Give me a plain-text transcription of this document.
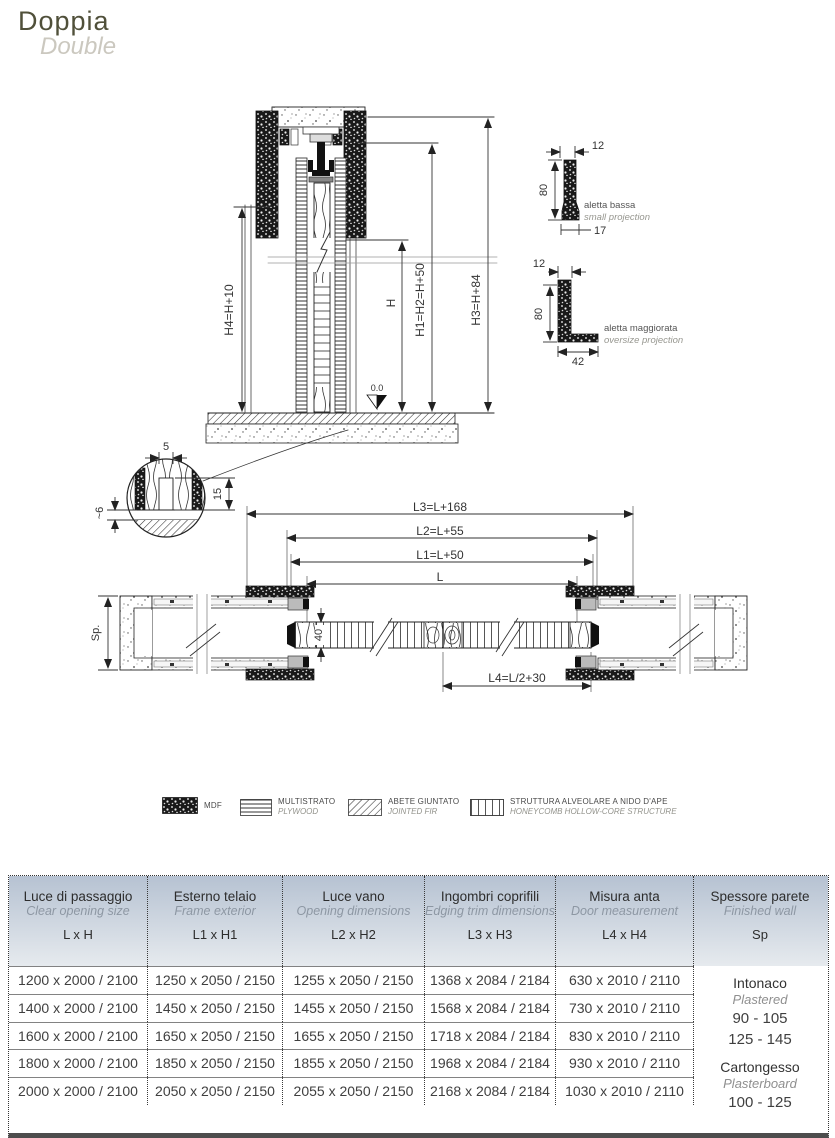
Doppia
Double
0.0
H4=H+10	H H1=H2=H+50	H3=H+84
5
15
~6
12
80
17
aletta bassa
small projection
12
80
42
aletta maggiorata
oversize projection
L3=L+168
L2=L+55
L1=L+50
L
L4=L/2+30
40
Sp.
MDF	MULTISTRATO
PLYWOOD
ABETE GIUNTATO
JOINTED FIR
STRUTTURA ALVEOLARE A NIDO D'APE
HONEYCOMB HOLLOW-CORE STRUCTURE
Luce di passaggio
Clear opening size
L x H
Esterno telaio
Frame exterior
L1 x H1
Luce vano
Opening dimensions
L2 x H2
Ingombri coprifili
Edging trim dimensions
L3 x H3
Misura anta
Door measurement
L4 x H4
Spessore parete
Finished wall
Sp
1200 x 2000 / 2100	1250 x 2050 / 2150	1255 x 2050 / 2150	1368 x 2084 / 2184	630 x 2010 / 2110	Intonaco
Plastered
90 - 105
125 - 145
Cartongesso
Plasterboard
100 - 125
1400 x 2000 / 2100	1450 x 2050 / 2150	1455 x 2050 / 2150	1568 x 2084 / 2184	730 x 2010 / 2110
1600 x 2000 / 2100	1650 x 2050 / 2150	1655 x 2050 / 2150	1718 x 2084 / 2184	830 x 2010 / 2110
1800 x 2000 / 2100	1850 x 2050 / 2150	1855 x 2050 / 2150	1968 x 2084 / 2184	930 x 2010 / 2110
2000 x 2000 / 2100	2050 x 2050 / 2150	2055 x 2050 / 2150	2168 x 2084 / 2184	1030 x 2010 / 2110
